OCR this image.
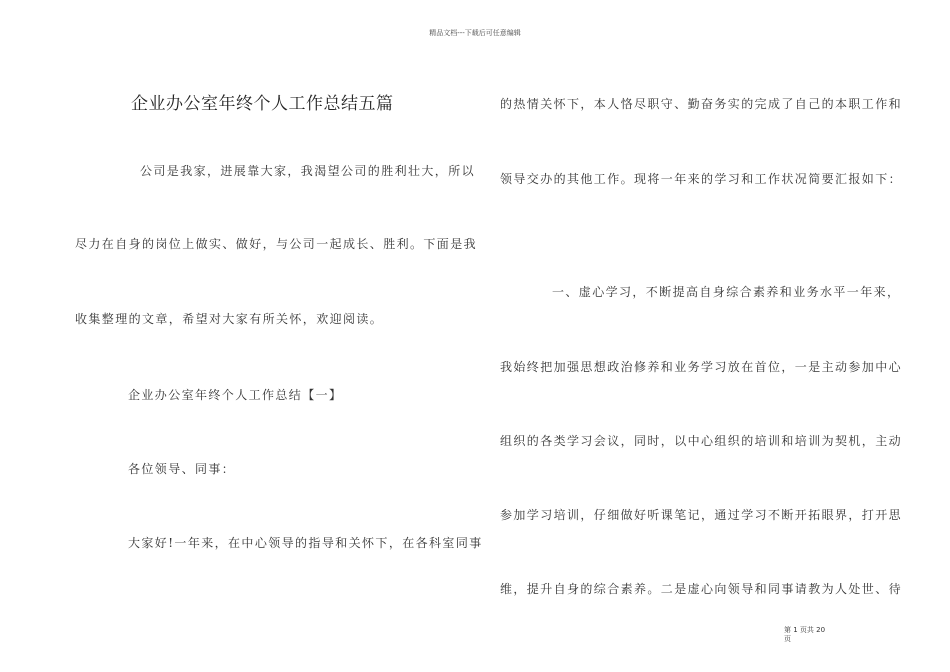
精品文档---下载后可任意编辑
企业办公室年终个人工作总结五篇
公司是我家，进展靠大家，我渴望公司的胜利壮大，所以
尽力在自身的岗位上做实、做好，与公司一起成长、胜利。下面是我
收集整理的文章，希望对大家有所关怀，欢迎阅读。
企业办公室年终个人工作总结【一】
各位领导、同事：
大家好!一年来，在中心领导的指导和关怀下，在各科室同事
的热情关怀下，本人恪尽职守、勤奋务实的完成了自己的本职工作和
领导交办的其他工作。现将一年来的学习和工作状况简要汇报如下：
一、虚心学习，不断提高自身综合素养和业务水平一年来，
我始终把加强思想政治修养和业务学习放在首位，一是主动参加中心
组织的各类学习会议，同时，以中心组织的培训和培训为契机，主动
参加学习培训，仔细做好听课笔记，通过学习不断开拓眼界，打开思
维，提升自身的综合素养。二是虚心向领导和同事请教为人处世、待
第 1 页共 20 页
